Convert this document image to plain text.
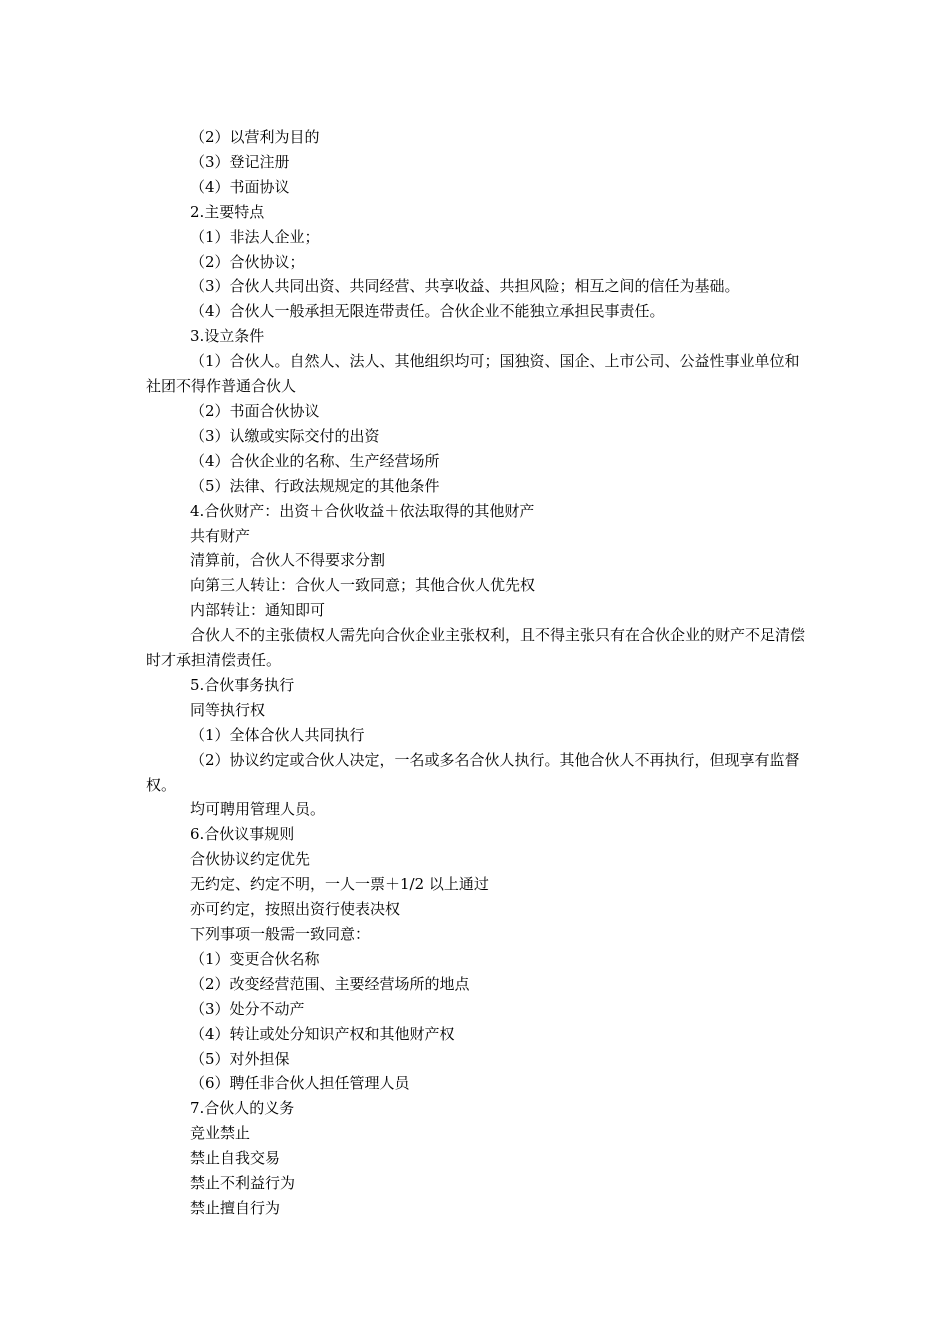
（2）以营利为目的

（3）登记注册

（4）书面协议

2.主要特点

（1）非法人企业；

（2）合伙协议；

（3）合伙人共同出资、共同经营、共享收益、共担风险；相互之间的信任为基础。

（4）合伙人一般承担无限连带责任。合伙企业不能独立承担民事责任。

3.设立条件

（1）合伙人。自然人、法人、其他组织均可；国独资、国企、上市公司、公益性事业单位和社团不得作普通合伙人

（2）书面合伙协议

（3）认缴或实际交付的出资

（4）合伙企业的名称、生产经营场所

（5）法律、行政法规规定的其他条件

4.合伙财产：出资＋合伙收益＋依法取得的其他财产

共有财产

清算前，合伙人不得要求分割

向第三人转让：合伙人一致同意；其他合伙人优先权

内部转让：通知即可

合伙人不的主张债权人需先向合伙企业主张权利，且不得主张只有在合伙企业的财产不足清偿时才承担清偿责任。

5.合伙事务执行

同等执行权

（1）全体合伙人共同执行

（2）协议约定或合伙人决定，一名或多名合伙人执行。其他合伙人不再执行，但现享有监督权。

均可聘用管理人员。

6.合伙议事规则

合伙协议约定优先

无约定、约定不明，一人一票＋1/2 以上通过

亦可约定，按照出资行使表决权

下列事项一般需一致同意：

（1）变更合伙名称

（2）改变经营范围、主要经营场所的地点

（3）处分不动产

（4）转让或处分知识产权和其他财产权

（5）对外担保

（6）聘任非合伙人担任管理人员

7.合伙人的义务

竞业禁止

禁止自我交易

禁止不利益行为

禁止擅自行为
